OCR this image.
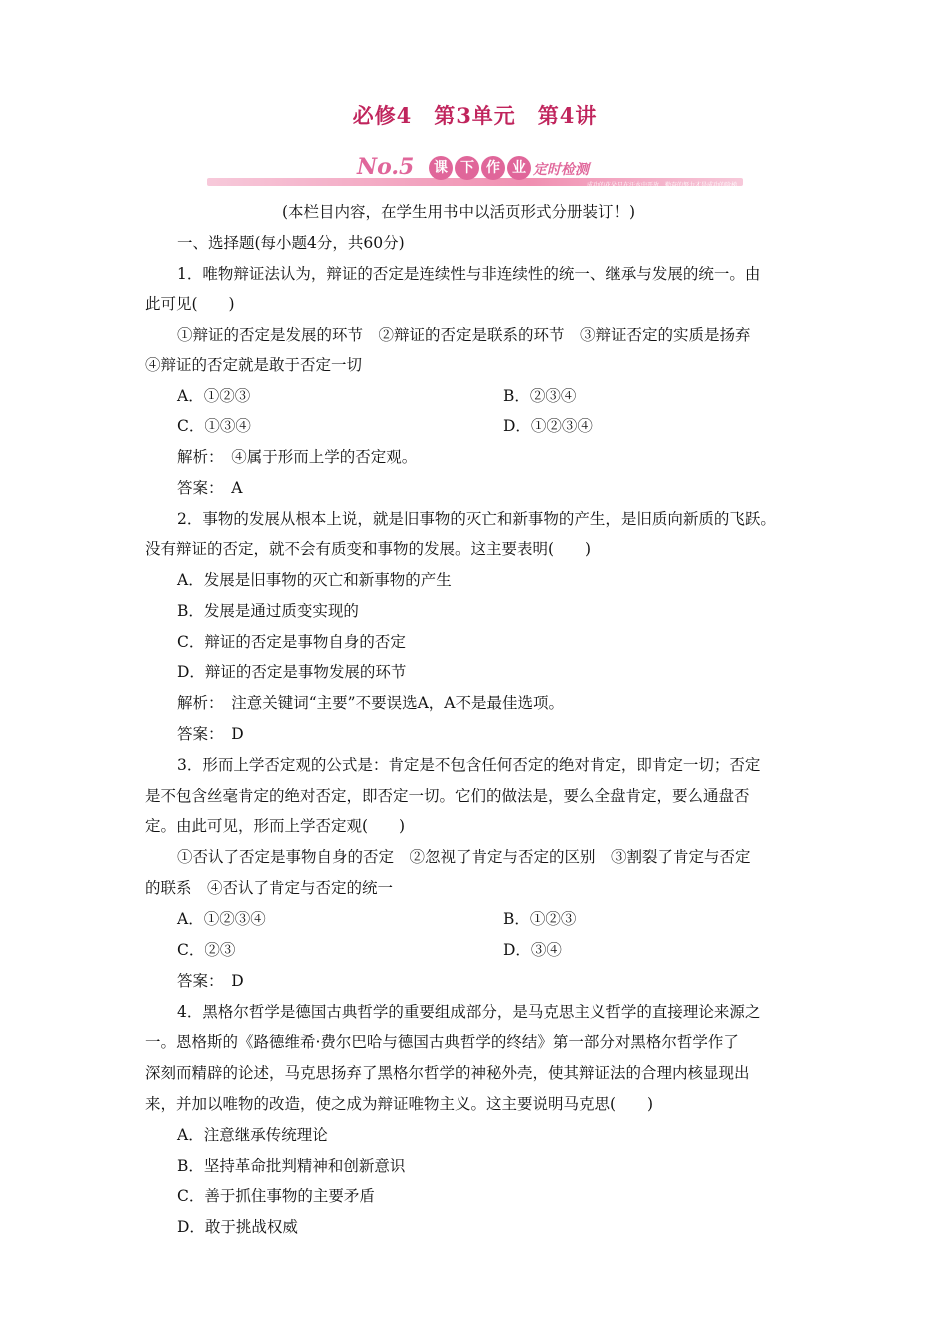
必修4　第3单元　第4讲
No.5	课 下 作 业 定时检测
成功的花朵只在汗水中开放，勤奋的努力才是成功的阶梯
(本栏目内容，在学生用书中以活页形式分册装订！)
一、选择题(每小题4分，共60分)
1．唯物辩证法认为，辩证的否定是连续性与非连续性的统一、继承与发展的统一。由
此可见(　　)
①辩证的否定是发展的环节　②辩证的否定是联系的环节　③辩证否定的实质是扬弃
④辩证的否定就是敢于否定一切
A．①②③	B．②③④
C．①③④	D．①②③④
解析：　④属于形而上学的否定观。
答案：　A
2．事物的发展从根本上说，就是旧事物的灭亡和新事物的产生，是旧质向新质的飞跃。
没有辩证的否定，就不会有质变和事物的发展。这主要表明(　　)
A．发展是旧事物的灭亡和新事物的产生
B．发展是通过质变实现的
C．辩证的否定是事物自身的否定
D．辩证的否定是事物发展的环节
解析：　注意关键词“主要”不要误选A，A不是最佳选项。
答案：　D
3．形而上学否定观的公式是：肯定是不包含任何否定的绝对肯定，即肯定一切；否定
是不包含丝毫肯定的绝对否定，即否定一切。它们的做法是，要么全盘肯定，要么通盘否
定。由此可见，形而上学否定观(　　)
①否认了否定是事物自身的否定　②忽视了肯定与否定的区别　③割裂了肯定与否定
的联系　④否认了肯定与否定的统一
A．①②③④	B．①②③
C．②③	D．③④
答案：　D
4．黑格尔哲学是德国古典哲学的重要组成部分，是马克思主义哲学的直接理论来源之
一。恩格斯的《路德维希·费尔巴哈与德国古典哲学的终结》第一部分对黑格尔哲学作了
深刻而精辟的论述，马克思扬弃了黑格尔哲学的神秘外壳，使其辩证法的合理内核显现出
来，并加以唯物的改造，使之成为辩证唯物主义。这主要说明马克思(　　)
A．注意继承传统理论
B．坚持革命批判精神和创新意识
C．善于抓住事物的主要矛盾
D．敢于挑战权威
